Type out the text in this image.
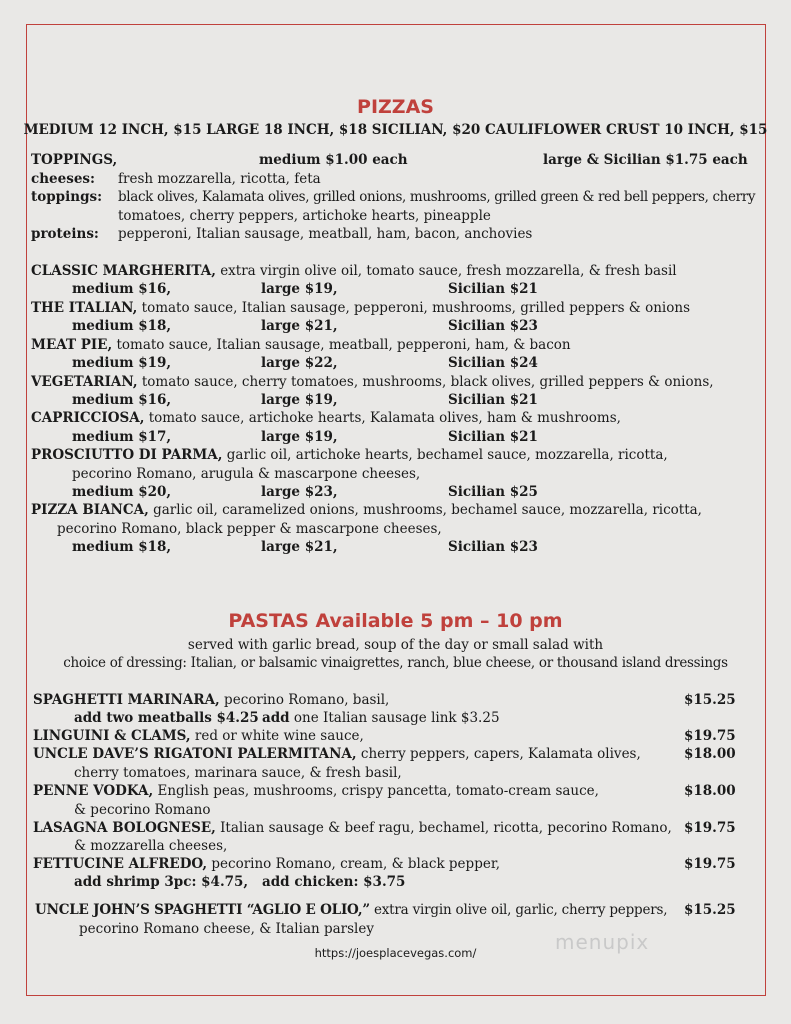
PIZZAS
MEDIUM 12 INCH, $15 LARGE 18 INCH, $18 SICILIAN, $20 CAULIFLOWER CRUST 10 INCH, $15
TOPPINGS,	medium $1.00 each	large & Sicilian $1.75 each
cheeses: fresh mozzarella, ricotta, feta
toppings: black olives, Kalamata olives, grilled onions, mushrooms, grilled green & red bell peppers, cherry
tomatoes, cherry peppers, artichoke hearts, pineapple
proteins: pepperoni, Italian sausage, meatball, ham, bacon, anchovies
CLASSIC MARGHERITA, extra virgin olive oil, tomato sauce, fresh mozzarella, & fresh basil
medium $16,	large $19,	Sicilian $21
THE ITALIAN, tomato sauce, Italian sausage, pepperoni, mushrooms, grilled peppers & onions
medium $18,	large $21,	Sicilian $23
MEAT PIE, tomato sauce, Italian sausage, meatball, pepperoni, ham, & bacon
medium $19,	large $22,	Sicilian $24
VEGETARIAN, tomato sauce, cherry tomatoes, mushrooms, black olives, grilled peppers & onions,
medium $16,	large $19,	Sicilian $21
CAPRICCIOSA, tomato sauce, artichoke hearts, Kalamata olives, ham & mushrooms,
medium $17,	large $19,	Sicilian $21
PROSCIUTTO DI PARMA, garlic oil, artichoke hearts, bechamel sauce, mozzarella, ricotta,
pecorino Romano, arugula & mascarpone cheeses,
medium $20,	large $23,	Sicilian $25
PIZZA BIANCA, garlic oil, caramelized onions, mushrooms, bechamel sauce, mozzarella, ricotta,
pecorino Romano, black pepper & mascarpone cheeses,
medium $18,	large $21,	Sicilian $23
PASTAS Available 5 pm – 10 pm
served with garlic bread, soup of the day or small salad with
choice of dressing: Italian, or balsamic vinaigrettes, ranch, blue cheese, or thousand island dressings
SPAGHETTI MARINARA, pecorino Romano, basil,	$15.25
add two meatballs $4.25 add one Italian sausage link $3.25
LINGUINI & CLAMS, red or white wine sauce,	$19.75
UNCLE DAVE’S RIGATONI PALERMITANA, cherry peppers, capers, Kalamata olives,	$18.00
cherry tomatoes, marinara sauce, & fresh basil,
PENNE VODKA, English peas, mushrooms, crispy pancetta, tomato-cream sauce,	$18.00
& pecorino Romano
LASAGNA BOLOGNESE, Italian sausage & beef ragu, bechamel, ricotta, pecorino Romano, $19.75
& mozzarella cheeses,
FETTUCINE ALFREDO, pecorino Romano, cream, & black pepper,	$19.75
add shrimp 3pc: $4.75, add chicken: $3.75
UNCLE JOHN’S SPAGHETTI “AGLIO E OLIO,” extra virgin olive oil, garlic, cherry peppers, $15.25
pecorino Romano cheese, & Italian parsley
https://joesplacevegas.com/	menupix
